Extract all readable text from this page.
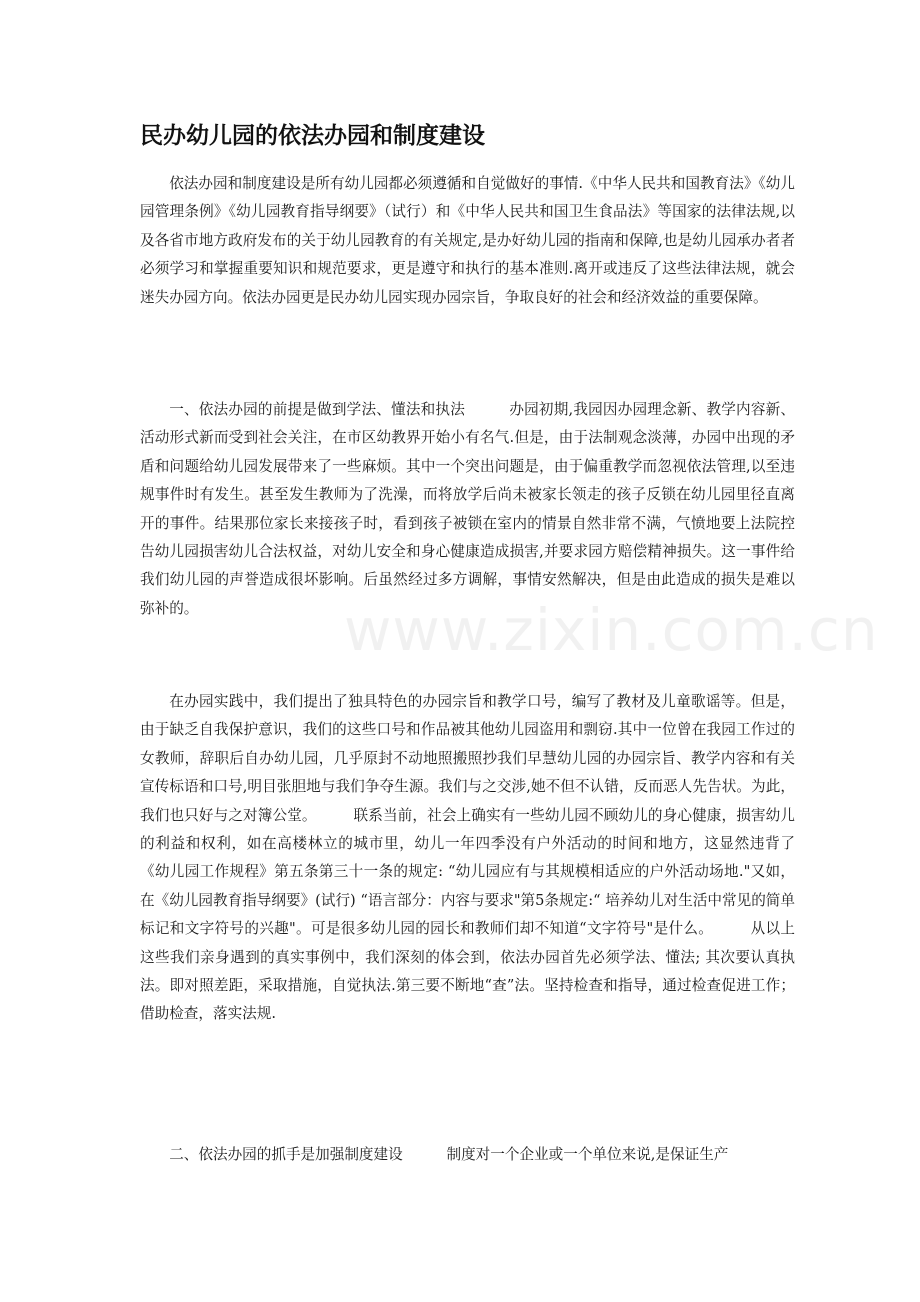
民办幼儿园的依法办园和制度建设

依法办园和制度建设是所有幼儿园都必须遵循和自觉做好的事情.《中华人民共和国教育法》《幼儿园管理条例》《幼儿园教育指导纲要》（试行）和《中华人民共和国卫生食品法》等国家的法律法规,以及各省市地方政府发布的关于幼儿园教育的有关规定,是办好幼儿园的指南和保障,也是幼儿园承办者者必须学习和掌握重要知识和规范要求，更是遵守和执行的基本准则.离开或违反了这些法律法规，就会迷失办园方向。依法办园更是民办幼儿园实现办园宗旨，争取良好的社会和经济效益的重要保障。

一、依法办园的前提是做到学法、懂法和执法　　　办园初期,我园因办园理念新、教学内容新、活动形式新而受到社会关注，在市区幼教界开始小有名气.但是，由于法制观念淡薄，办园中出现的矛盾和问题给幼儿园发展带来了一些麻烦。其中一个突出问题是，由于偏重教学而忽视依法管理,以至违规事件时有发生。甚至发生教师为了洗澡，而将放学后尚未被家长领走的孩子反锁在幼儿园里径直离开的事件。结果那位家长来接孩子时，看到孩子被锁在室内的情景自然非常不满，气愤地要上法院控告幼儿园损害幼儿合法权益，对幼儿安全和身心健康造成损害,并要求园方赔偿精神损失。这一事件给我们幼儿园的声誉造成很坏影响。后虽然经过多方调解，事情安然解决，但是由此造成的损失是难以弥补的。

在办园实践中，我们提出了独具特色的办园宗旨和教学口号，编写了教材及儿童歌谣等。但是，由于缺乏自我保护意识，我们的这些口号和作品被其他幼儿园盗用和剽窃.其中一位曾在我园工作过的女教师，辞职后自办幼儿园，几乎原封不动地照搬照抄我们早慧幼儿园的办园宗旨、教学内容和有关宣传标语和口号,明目张胆地与我们争夺生源。我们与之交涉,她不但不认错，反而恶人先告状。为此，我们也只好与之对簿公堂。　　　联系当前，社会上确实有一些幼儿园不顾幼儿的身心健康，损害幼儿的利益和权利，如在高楼林立的城市里，幼儿一年四季没有户外活动的时间和地方，这显然违背了《幼儿园工作规程》第五条第三十一条的规定: “幼儿园应有与其规模相适应的户外活动场地."又如，在《幼儿园教育指导纲要》(试行) “语言部分：内容与要求"第5条规定:“ 培养幼儿对生活中常见的简单标记和文字符号的兴趣"。可是很多幼儿园的园长和教师们却不知道“文字符号"是什么。　　　从以上这些我们亲身遇到的真实事例中，我们深刻的体会到，依法办园首先必须学法、懂法; 其次要认真执法。即对照差距，采取措施，自觉执法.第三要不断地“查”法。坚持检查和指导，通过检查促进工作；借助检查，落实法规.

二、依法办园的抓手是加强制度建设　　　制度对一个企业或一个单位来说,是保证生产

www.zixin.com.cn
